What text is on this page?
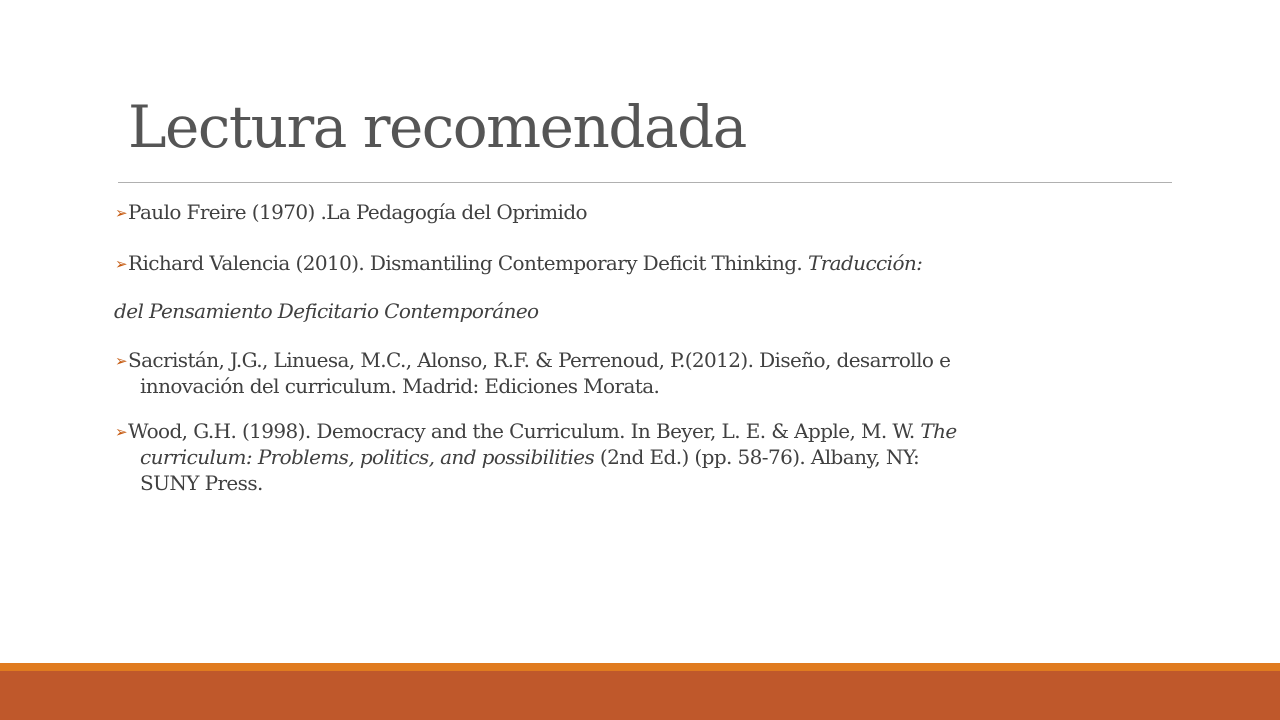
Lectura recomendada
➢ Paulo Freire (1970) .La Pedagogía del Oprimido
➢ Richard Valencia (2010). Dismantiling Contemporary Deficit Thinking. Traducción:
del Pensamiento Deficitario Contemporáneo
➢ Sacristán, J.G., Linuesa, M.C., Alonso, R.F. & Perrenoud, P.(2012). Diseño, desarrollo e
innovación del curriculum. Madrid: Ediciones Morata.
➢ Wood, G.H. (1998). Democracy and the Curriculum. In Beyer, L. E. & Apple, M. W. The
curriculum: Problems, politics, and possibilities (2nd Ed.) (pp. 58-76). Albany, NY:
SUNY Press.
